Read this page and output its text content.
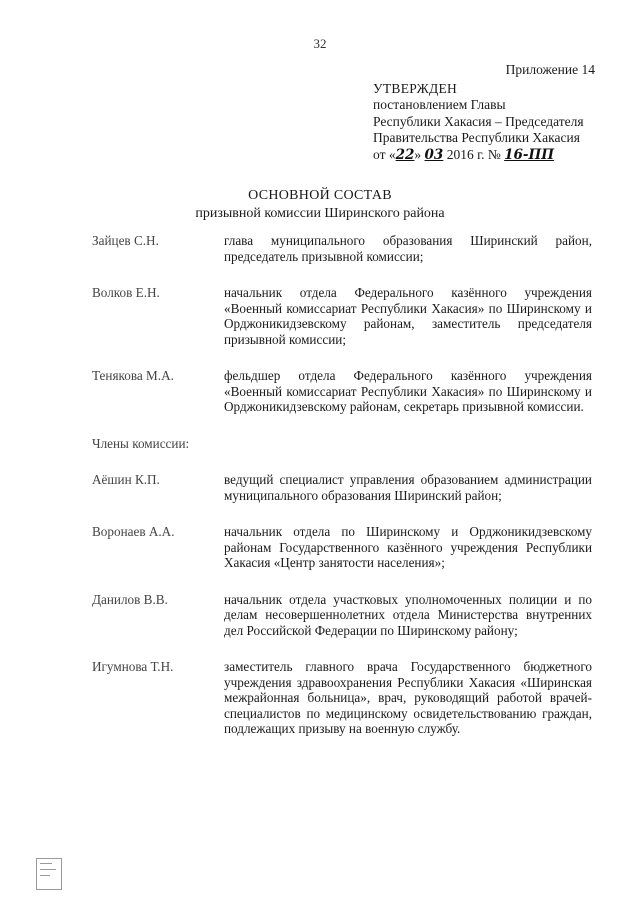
32
Приложение 14
УТВЕРЖДЕН
постановлением Главы
Республики Хакасия – Председателя
Правительства Республики Хакасия
от «22» 03 2016 г. № 16-ПП
ОСНОВНОЙ СОСТАВ
призывной комиссии Ширинского района
Зайцев С.Н.	глава муниципального образования Ширинский район, председатель призывной комиссии;
Волков Е.Н.	начальник отдела Федерального казённого учреждения «Военный комиссариат Республики Хакасия» по Ширинскому и Орджоникидзевскому районам, заместитель председателя призывной комиссии;
Тенякова М.А.	фельдшер отдела Федерального казённого учреждения «Военный комиссариат Республики Хакасия» по Ширинскому и Орджоникидзевскому районам, секретарь призывной комиссии.
Члены комиссии:
Аёшин К.П.	ведущий специалист управления образованием администрации муниципального образования Ширинский район;
Воронаев А.А.	начальник отдела по Ширинскому и Орджоникидзевскому районам Государственного казённого учреждения Республики Хакасия «Центр занятости населения»;
Данилов В.В.	начальник отдела участковых уполномоченных полиции и по делам несовершеннолетних отдела Министерства внутренних дел Российской Федерации по Ширинскому району;
Игумнова Т.Н.	заместитель главного врача Государственного бюджетного учреждения здравоохранения Республики Хакасия «Ширинская межрайонная больница», врач, руководящий работой врачей-специалистов по медицинскому освидетельствованию граждан, подлежащих призыву на военную службу.
